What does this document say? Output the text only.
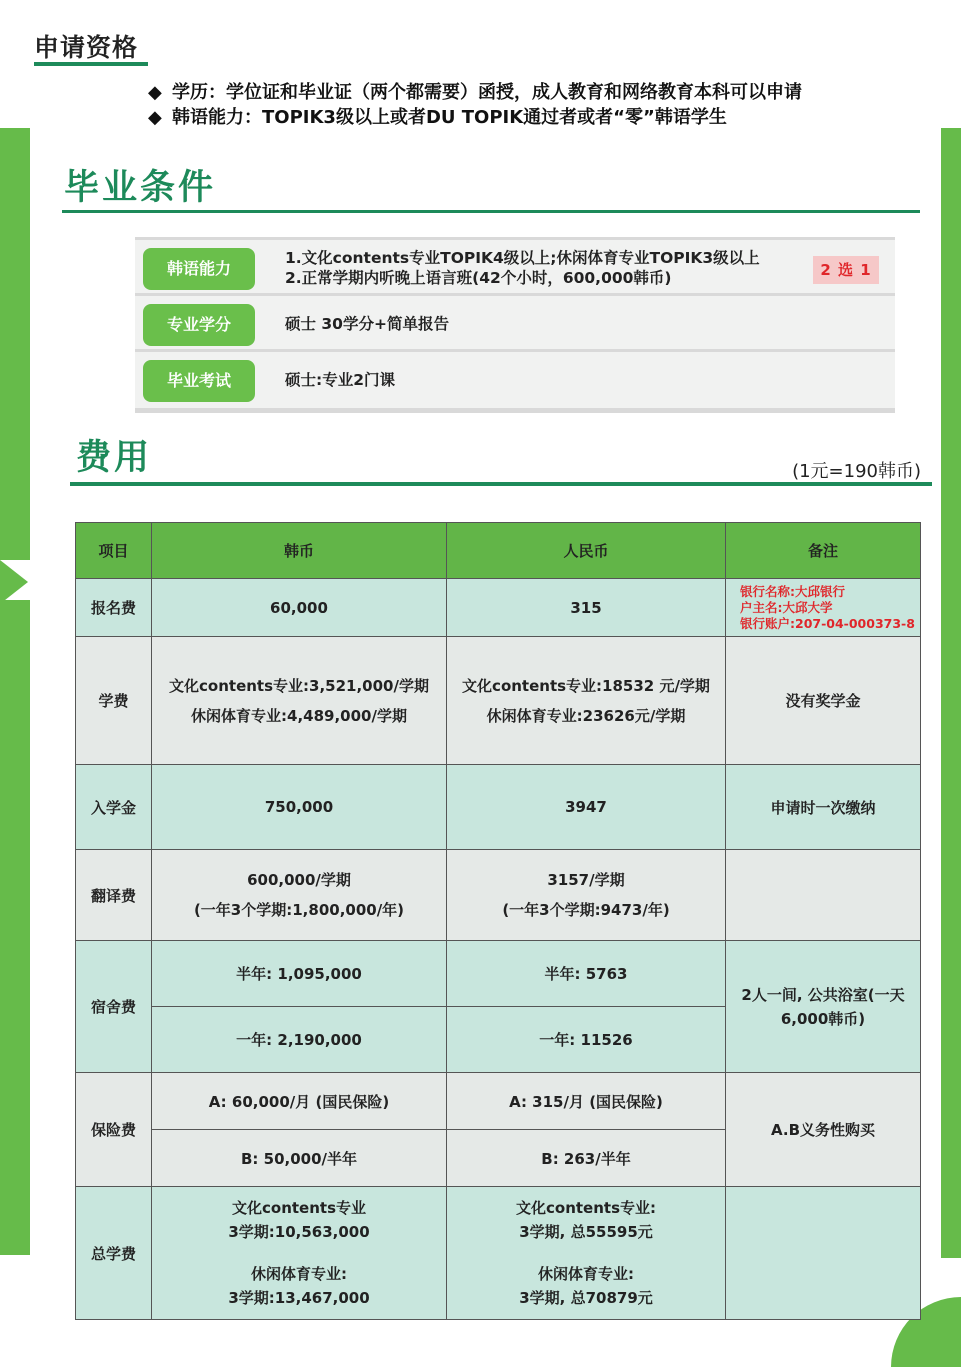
申请资格
◆ 学历：学位证和毕业证（两个都需要）函授，成人教育和网络教育本科可以申请
◆ 韩语能力：TOPIK3级以上或者DU TOPIK通过者或者“零”韩语学生
毕业条件
韩语能力
1.文化contents专业TOPIK4级以上;休闲体育专业TOPIK3级以上
2.正常学期内听晚上语言班(42个小时，600,000韩币)	2 选 1
专业学分	硕士 30学分+简单报告
毕业考试	硕士:专业2门课
费用	(1元=190韩币)
项目	韩币	人民币	备注
报名费	60,000	315	银行名称:大邱银行
户主名:大邱大学
银行账户:207-04-000373-8

学费	文化contents专业:3,521,000/学期
休闲体育专业:4,489,000/学期	文化contents专业:18532 元/学期
休闲体育专业:23626元/学期	没有奖学金
入学金	750,000	3947	申请时一次缴纳
翻译费	600,000/学期
(一年3个学期:1,800,000/年)	3157/学期
(一年3个学期:9473/年)	

宿舍费	半年: 1,095,000	半年: 5763	2人一间, 公共浴室(一天
6,000韩币)

	一年: 2,190,000	一年: 11526	
保险费	A: 60,000/月 (国民保险)	A: 315/月 (国民保险)	A.B义务性购买
	B: 50,000/半年	B: 263/半年	
总学费	文化contents专业
3学期:10,563,000
休闲体育专业:
3学期:13,467,000	文化contents专业:
3学期, 总55595元
休闲体育专业:
3学期, 总70879元	
